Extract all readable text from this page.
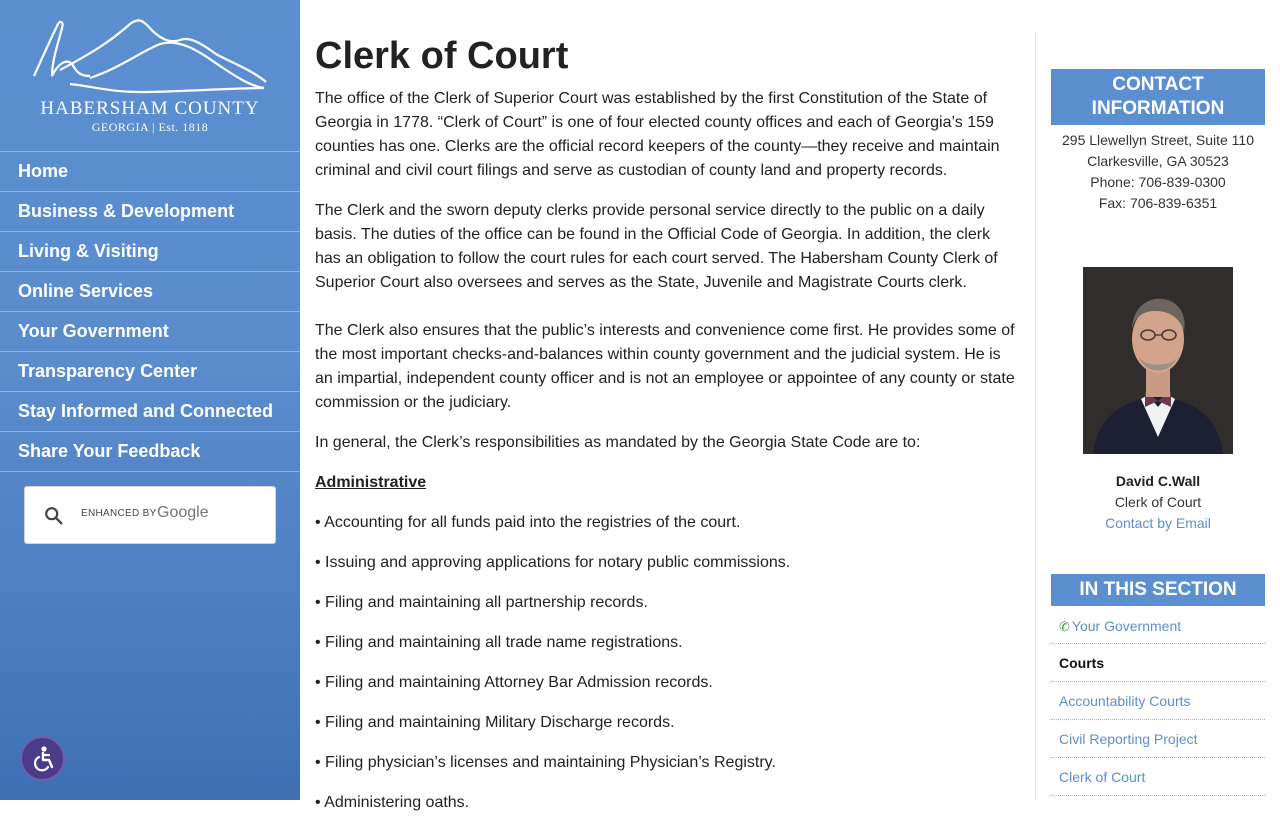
HABERSHAM COUNTY
GEORGIA | Est. 1818
Home
Business & Development
Living & Visiting
Online Services
Your Government
Transparency Center
Stay Informed and Connected
Share Your Feedback
ENHANCED BY Google
Clerk of Court

The office of the Clerk of Superior Court was established by the first Constitution of the State of Georgia in 1778. “Clerk of Court” is one of four elected county offices and each of Georgia’s 159 counties has one. Clerks are the official record keepers of the county—they receive and maintain criminal and civil court filings and serve as custodian of county land and property records.

The Clerk and the sworn deputy clerks provide personal service directly to the public on a daily basis. The duties of the office can be found in the Official Code of Georgia. In addition, the clerk has an obligation to follow the court rules for each court served. The Habersham County Clerk of Superior Court also oversees and serves as the State, Juvenile and Magistrate Courts clerk.

The Clerk also ensures that the public’s interests and convenience come first. He provides some of the most important checks-and-balances within county government and the judicial system. He is an impartial, independent county officer and is not an employee or appointee of any county or state commission or the judiciary.

In general, the Clerk’s responsibilities as mandated by the Georgia State Code are to:

Administrative

• Accounting for all funds paid into the registries of the court.

• Issuing and approving applications for notary public commissions.

• Filing and maintaining all partnership records.

• Filing and maintaining all trade name registrations.

• Filing and maintaining Attorney Bar Admission records.

• Filing and maintaining Military Discharge records.

• Filing physician’s licenses and maintaining Physician’s Registry.

• Administering oaths.

CONTACT INFORMATION
295 Llewellyn Street, Suite 110
Clarkesville, GA 30523
Phone: 706-839-0300
Fax: 706-839-6351
David C.Wall
Clerk of Court
Contact by Email
IN THIS SECTION
✆ Your Government
Courts
Accountability Courts
Civil Reporting Project
Clerk of Court
